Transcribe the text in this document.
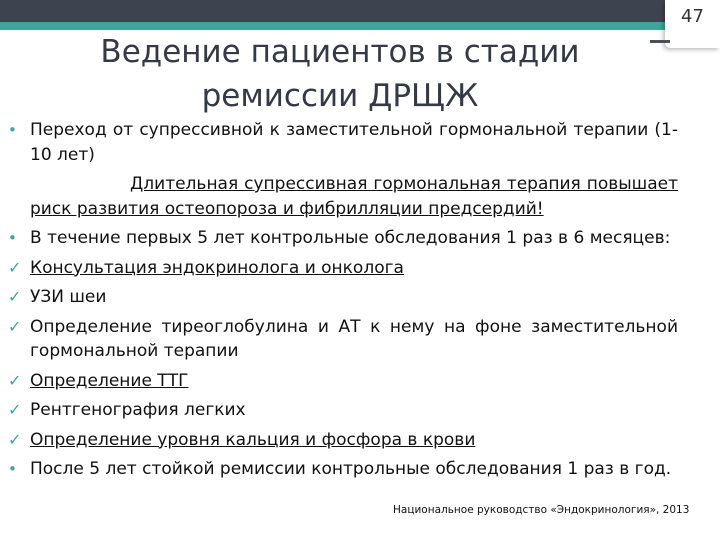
47
Ведение пациентов в стадии ремиссии ДРЩЖ
• Переход от супрессивной к заместительной гормональной терапии (1-10 лет)
Длительная супрессивная гормональная терапия повышает риск развития остеопороза и фибрилляции предсердий!
• В течение первых 5 лет контрольные обследования 1 раз в 6 месяцев:
✓ Консультация эндокринолога и онколога
✓ УЗИ шеи
✓ Определение тиреоглобулина и АТ к нему на фоне заместительной гормональной терапии
✓ Определение ТТГ
✓ Рентгенография легких
✓ Определение уровня кальция и фосфора в крови
• После 5 лет стойкой ремиссии контрольные обследования 1 раз в год.
Национальное руководство «Эндокринология», 2013
